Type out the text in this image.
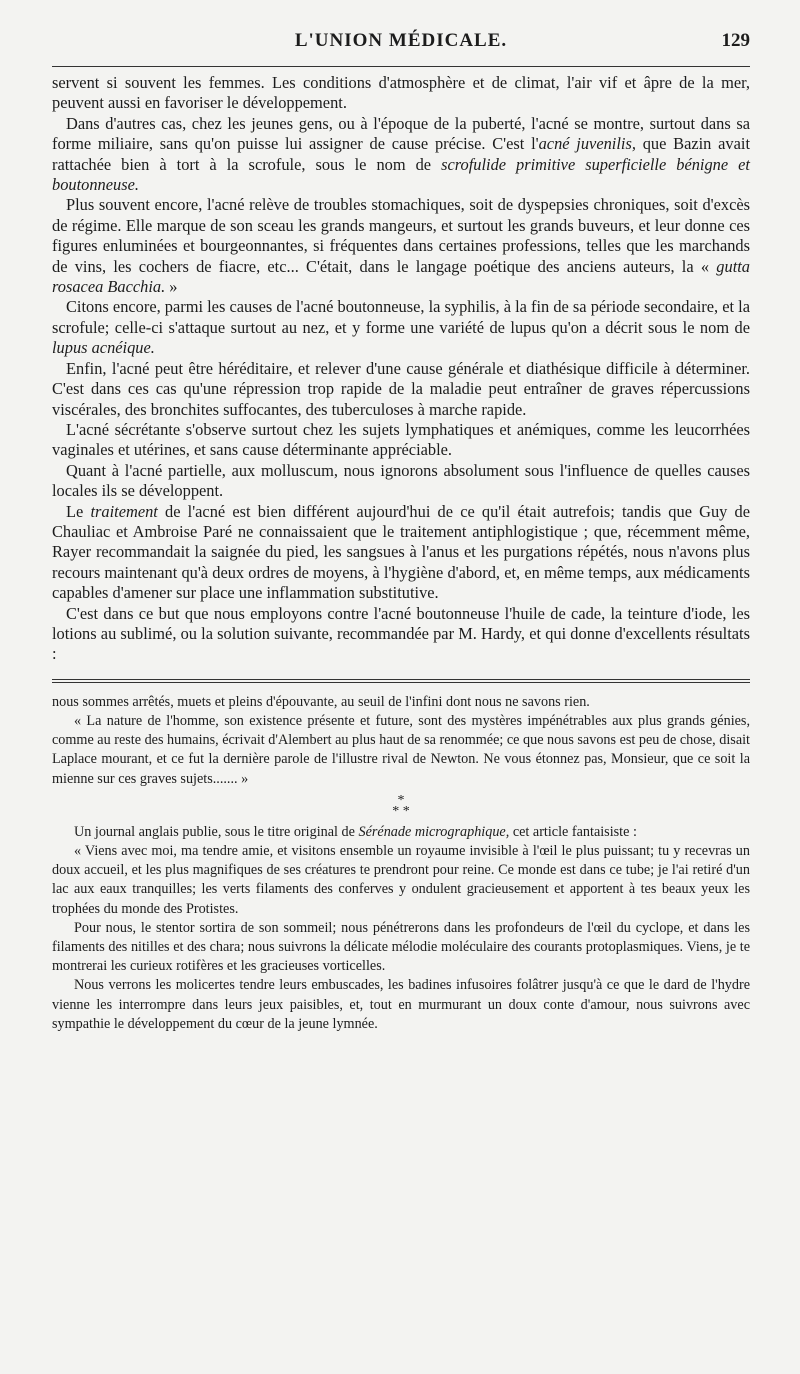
L'UNION MÉDICALE.	129

servent si souvent les femmes. Les conditions d'atmosphère et de climat, l'air vif et âpre de la mer, peuvent aussi en favoriser le développement.

Dans d'autres cas, chez les jeunes gens, ou à l'époque de la puberté, l'acné se montre, surtout dans sa forme miliaire, sans qu'on puisse lui assigner de cause précise. C'est l'acné juvenilis, que Bazin avait rattachée bien à tort à la scrofule, sous le nom de scrofulide primitive superficielle bénigne et boutonneuse.

Plus souvent encore, l'acné relève de troubles stomachiques, soit de dyspepsies chroniques, soit d'excès de régime. Elle marque de son sceau les grands mangeurs, et surtout les grands buveurs, et leur donne ces figures enluminées et bourgeonnantes, si fréquentes dans certaines professions, telles que les marchands de vins, les cochers de fiacre, etc... C'était, dans le langage poétique des anciens auteurs, la « gutta rosacea Bacchia. »

Citons encore, parmi les causes de l'acné boutonneuse, la syphilis, à la fin de sa période secondaire, et la scrofule; celle-ci s'attaque surtout au nez, et y forme une variété de lupus qu'on a décrit sous le nom de lupus acnéique.

Enfin, l'acné peut être héréditaire, et relever d'une cause générale et diathésique difficile à déterminer. C'est dans ces cas qu'une répression trop rapide de la maladie peut entraîner de graves répercussions viscérales, des bronchites suffocantes, des tuberculoses à marche rapide.

L'acné sécrétante s'observe surtout chez les sujets lymphatiques et anémiques, comme les leucorrhées vaginales et utérines, et sans cause déterminante appréciable.

Quant à l'acné partielle, aux molluscum, nous ignorons absolument sous l'influence de quelles causes locales ils se développent.

Le traitement de l'acné est bien différent aujourd'hui de ce qu'il était autrefois; tandis que Guy de Chauliac et Ambroise Paré ne connaissaient que le traitement antiphlogistique ; que, récemment même, Rayer recommandait la saignée du pied, les sangsues à l'anus et les purgations répétés, nous n'avons plus recours maintenant qu'à deux ordres de moyens, à l'hygiène d'abord, et, en même temps, aux médicaments capables d'amener sur place une inflammation substitutive.

C'est dans ce but que nous employons contre l'acné boutonneuse l'huile de cade, la teinture d'iode, les lotions au sublimé, ou la solution suivante, recommandée par M. Hardy, et qui donne d'excellents résultats :

nous sommes arrêtés, muets et pleins d'épouvante, au seuil de l'infini dont nous ne savons rien.

« La nature de l'homme, son existence présente et future, sont des mystères impénétrables aux plus grands génies, comme au reste des humains, écrivait d'Alembert au plus haut de sa renommée; ce que nous savons est peu de chose, disait Laplace mourant, et ce fut la dernière parole de l'illustre rival de Newton. Ne vous étonnez pas, Monsieur, que ce soit la mienne sur ces graves sujets....... »

*
* *

Un journal anglais publie, sous le titre original de Sérénade micrographique, cet article fantaisiste :

« Viens avec moi, ma tendre amie, et visitons ensemble un royaume invisible à l'œil le plus puissant; tu y recevras un doux accueil, et les plus magnifiques de ses créatures te prendront pour reine. Ce monde est dans ce tube; je l'ai retiré d'un lac aux eaux tranquilles; les verts filaments des conferves y ondulent gracieusement et apportent à tes beaux yeux les trophées du monde des Protistes.

Pour nous, le stentor sortira de son sommeil; nous pénétrerons dans les profondeurs de l'œil du cyclope, et dans les filaments des nitilles et des chara; nous suivrons la délicate mélodie moléculaire des courants protoplasmiques. Viens, je te montrerai les curieux rotifères et les gracieuses vorticelles.

Nous verrons les molicertes tendre leurs embuscades, les badines infusoires folâtrer jusqu'à ce que le dard de l'hydre vienne les interrompre dans leurs jeux paisibles, et, tout en murmurant un doux conte d'amour, nous suivrons avec sympathie le développement du cœur de la jeune lymnée.
